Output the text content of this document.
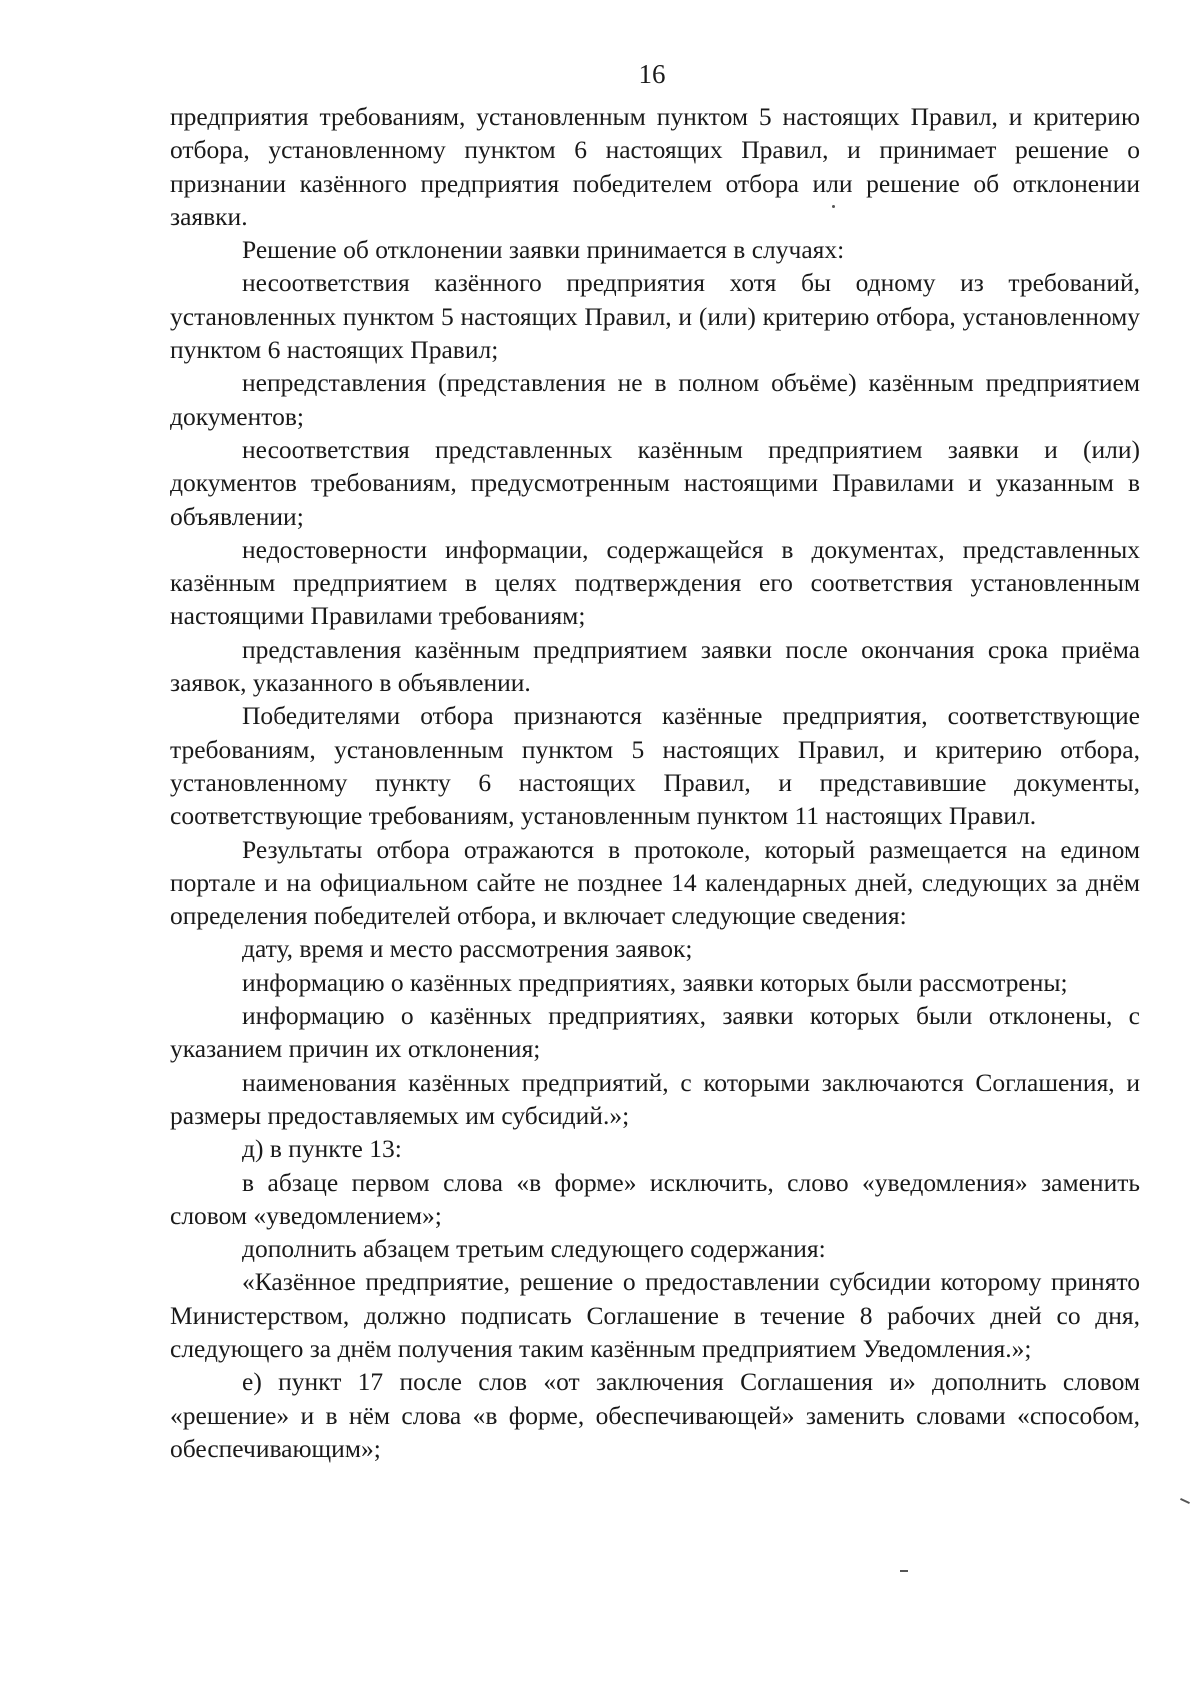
16

предприятия требованиям, установленным пунктом 5 настоящих Правил, и критерию отбора, установленному пунктом 6 настоящих Правил, и принимает решение о признании казённого предприятия победителем отбора или решение об отклонении заявки.

Решение об отклонении заявки принимается в случаях:

несоответствия казённого предприятия хотя бы одному из требований, установленных пунктом 5 настоящих Правил, и (или) критерию отбора, установленному пунктом 6 настоящих Правил;

непредставления (представления не в полном объёме) казённым предприятием документов;

несоответствия представленных казённым предприятием заявки и (или) документов требованиям, предусмотренным настоящими Правилами и указанным в объявлении;

недостоверности информации, содержащейся в документах, представленных казённым предприятием в целях подтверждения его соответствия установленным настоящими Правилами требованиям;

представления казённым предприятием заявки после окончания срока приёма заявок, указанного в объявлении.

Победителями отбора признаются казённые предприятия, соответствующие требованиям, установленным пунктом 5 настоящих Правил, и критерию отбора, установленному пункту 6 настоящих Правил, и представившие документы, соответствующие требованиям, установленным пунктом 11 настоящих Правил.

Результаты отбора отражаются в протоколе, который размещается на едином портале и на официальном сайте не позднее 14 календарных дней, следующих за днём определения победителей отбора, и включает следующие сведения:

дату, время и место рассмотрения заявок;

информацию о казённых предприятиях, заявки которых были рассмотрены;

информацию о казённых предприятиях, заявки которых были отклонены, с указанием причин их отклонения;

наименования казённых предприятий, с которыми заключаются Соглашения, и размеры предоставляемых им субсидий.»;

д) в пункте 13:

в абзаце первом слова «в форме» исключить, слово «уведомления» заменить словом «уведомлением»;

дополнить абзацем третьим следующего содержания:

«Казённое предприятие, решение о предоставлении субсидии которому принято Министерством, должно подписать Соглашение в течение 8 рабочих дней со дня, следующего за днём получения таким казённым предприятием Уведомления.»;

е) пункт 17 после слов «от заключения Соглашения и» дополнить словом «решение» и в нём слова «в форме, обеспечивающей» заменить словами «способом, обеспечивающим»;
